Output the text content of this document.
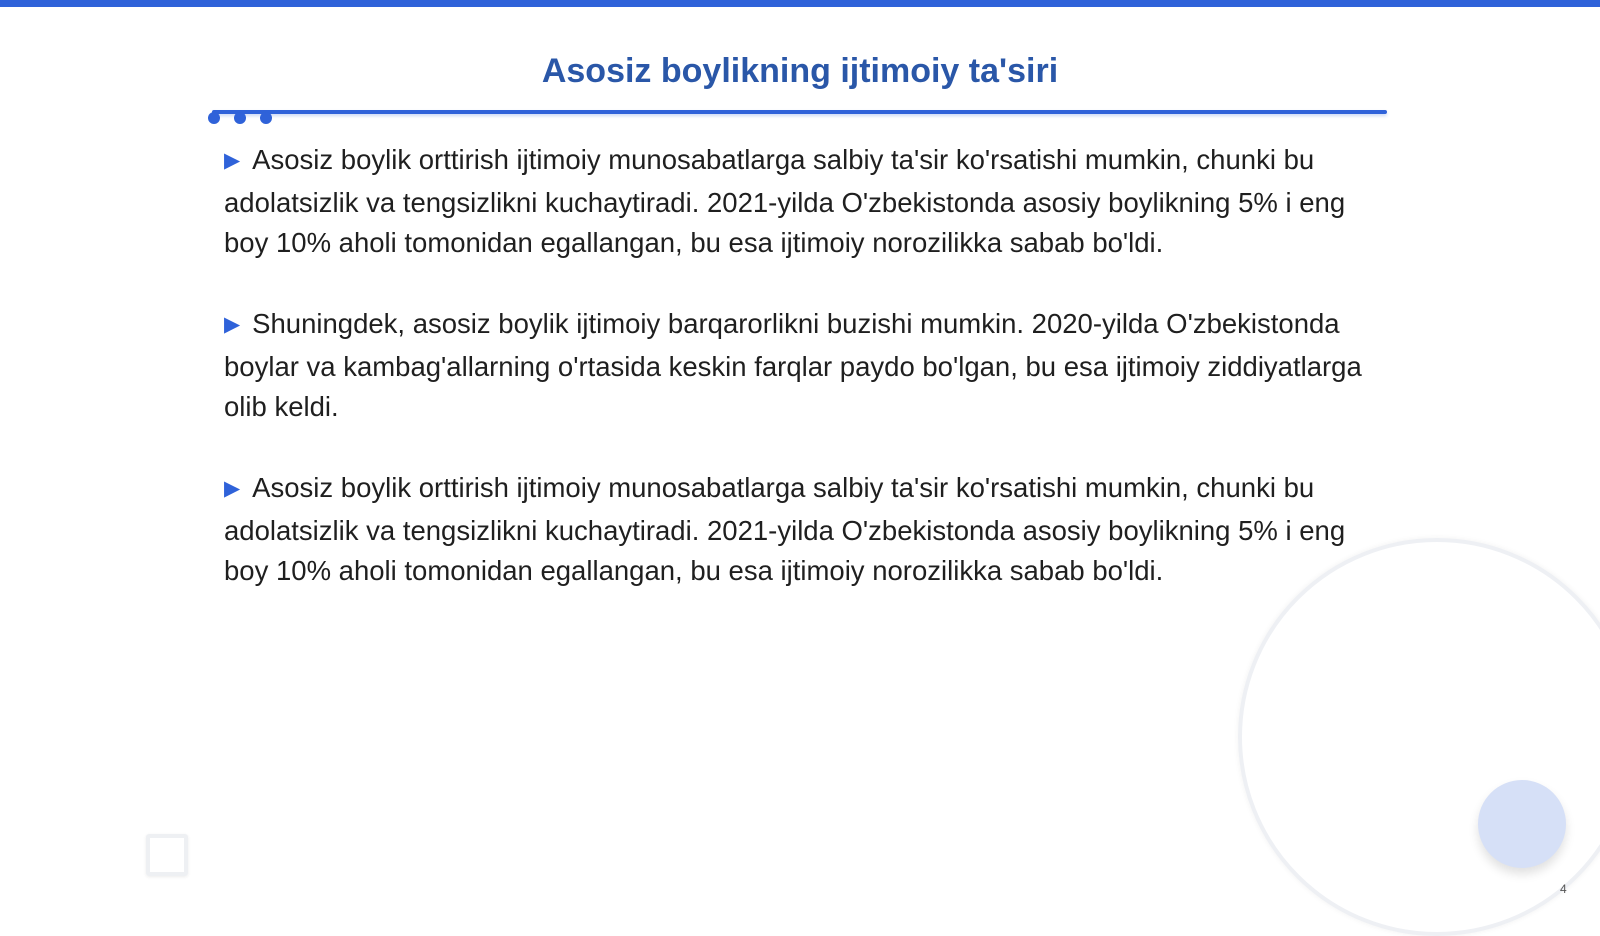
Asosiz boylikning ijtimoiy ta'siri

▶ Asosiz boylik orttirish ijtimoiy munosabatlarga salbiy ta'sir ko'rsatishi mumkin, chunki bu adolatsizlik va tengsizlikni kuchaytiradi. 2021-yilda O'zbekistonda asosiy boylikning 5% i eng boy 10% aholi tomonidan egallangan, bu esa ijtimoiy norozilikka sabab bo'ldi.

▶ Shuningdek, asosiz boylik ijtimoiy barqarorlikni buzishi mumkin. 2020-yilda O'zbekistonda boylar va kambag'allarning o'rtasida keskin farqlar paydo bo'lgan, bu esa ijtimoiy ziddiyatlarga olib keldi.

▶ Asosiz boylik orttirish ijtimoiy munosabatlarga salbiy ta'sir ko'rsatishi mumkin, chunki bu adolatsizlik va tengsizlikni kuchaytiradi. 2021-yilda O'zbekistonda asosiy boylikning 5% i eng boy 10% aholi tomonidan egallangan, bu esa ijtimoiy norozilikka sabab bo'ldi.

4
